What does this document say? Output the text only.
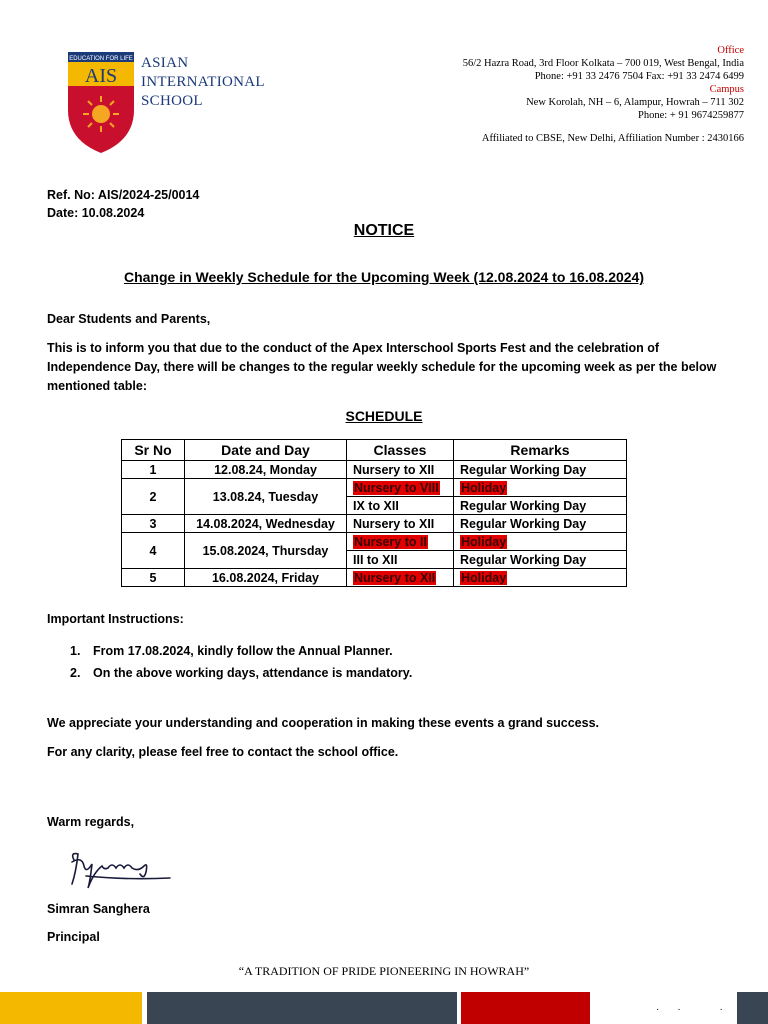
EDUCATION FOR LIFE
AIS
ASIAN
INTERNATIONAL
SCHOOL
Office
56/2 Hazra Road, 3rd Floor Kolkata – 700 019, West Bengal, India
Phone: +91 33 2476 7504 Fax: +91 33 2474 6499
Campus
New Korolah, NH – 6, Alampur, Howrah – 711 302
Phone: + 91 9674259877
Affiliated to CBSE, New Delhi, Affiliation Number : 2430166
Ref. No: AIS/2024-25/0014
Date: 10.08.2024
NOTICE
Change in Weekly Schedule for the Upcoming Week (12.08.2024 to 16.08.2024)
Dear Students and Parents,
This is to inform you that due to the conduct of the Apex Interschool Sports Fest and the celebration of Independence Day, there will be changes to the regular weekly schedule for the upcoming week as per the below mentioned table:
SCHEDULE
Sr No	Date and Day	Classes	Remarks
1	12.08.24, Monday	Nursery to XII	Regular Working Day
2	13.08.24, Tuesday	Nursery to VIII	Holiday
		IX to XII	Regular Working Day
3	14.08.2024, Wednesday	Nursery to XII	Regular Working Day
4	15.08.2024, Thursday	Nursery to II	Holiday
		III to XII	Regular Working Day
5	16.08.2024, Friday	Nursery to XII	Holiday
Important Instructions:
1. From 17.08.2024, kindly follow the Annual Planner.
2. On the above working days, attendance is mandatory.
We appreciate your understanding and cooperation in making these events a grand success.
For any clarity, please feel free to contact the school office.
Warm regards,
Simran Sanghera
Principal
“A TRADITION OF PRIDE PIONEERING IN HOWRAH”
·· ·
